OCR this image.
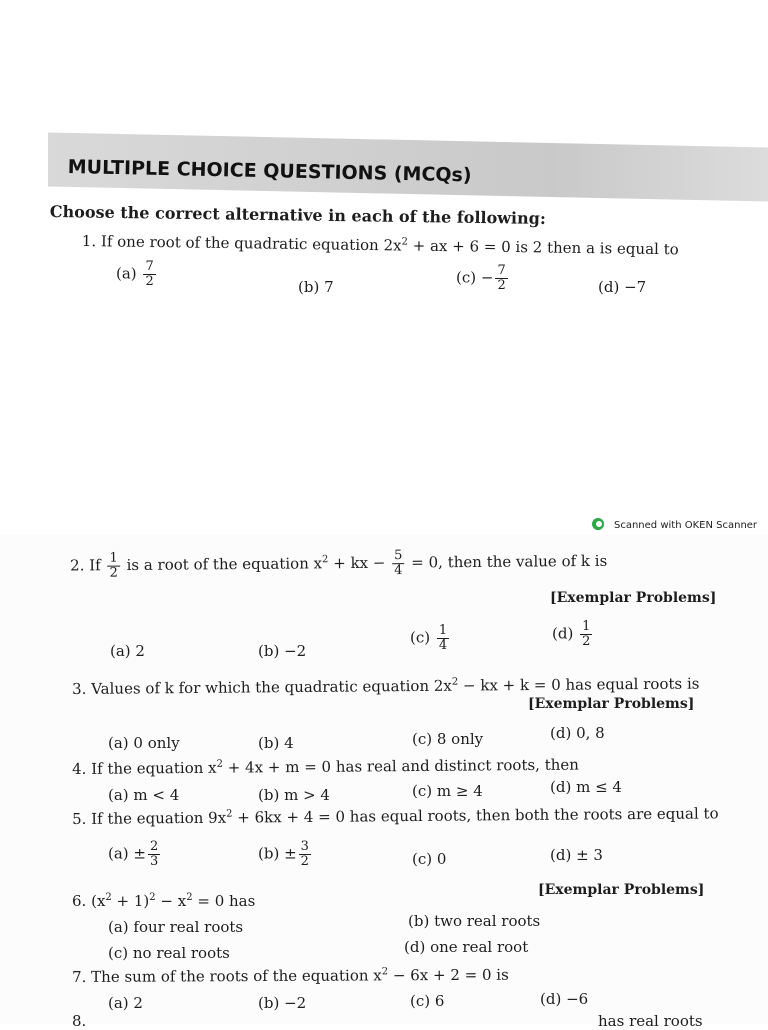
MULTIPLE CHOICE QUESTIONS (MCQs)
Choose the correct alternative in each of the following:
1. If one root of the quadratic equation $2x^2$ + ax + 6 = 0 is 2 then a is equal to
$(a) \frac{7}{2}$	(b) 7
$(c) - \frac{7}{2}$	(d) −7
Scanned with OKEN Scanner
2. If $\frac{1}{2}$ is a root of the equation $x^2$ + kx − $\frac{5}{4} = 0$, then the value of k is
[Exemplar Problems]
(a) 2	(b) −2
$(c) \frac{1}{4}$	$(d) \frac{1}{2}$
3. Values of k for which the quadratic equation $2x^2$ − kx + k = 0 has equal roots is
[Exemplar Problems]
(a) 0 only	(b) 4	(c) 8 only	(d) 0, 8
4. If the equation $x^2 + 4x + m = 0$ has real and distinct roots, then
(a) m < 4	(b) m > 4	(c) m ≥ 4	(d) m ≤ 4
5. If the equation $9x^2 + 6kx + 4 = 0$ has equal roots, then both the roots are equal to
$(a) \pm \frac{2}{3}$	$(b) \pm \frac{3}{2}$	(c) 0	(d) ± 3
6. $(x^2 + 1)^2 - x^2 = 0$ has
[Exemplar Problems]
(a) four real roots	(b) two real roots
(c) no real roots	(d) one real root
7. The sum of the roots of the equation $x^2 - 6x + 2 = 0$ is
(a) 2	(b) −2	(c) 6	(d) −6
8.	has real roots
